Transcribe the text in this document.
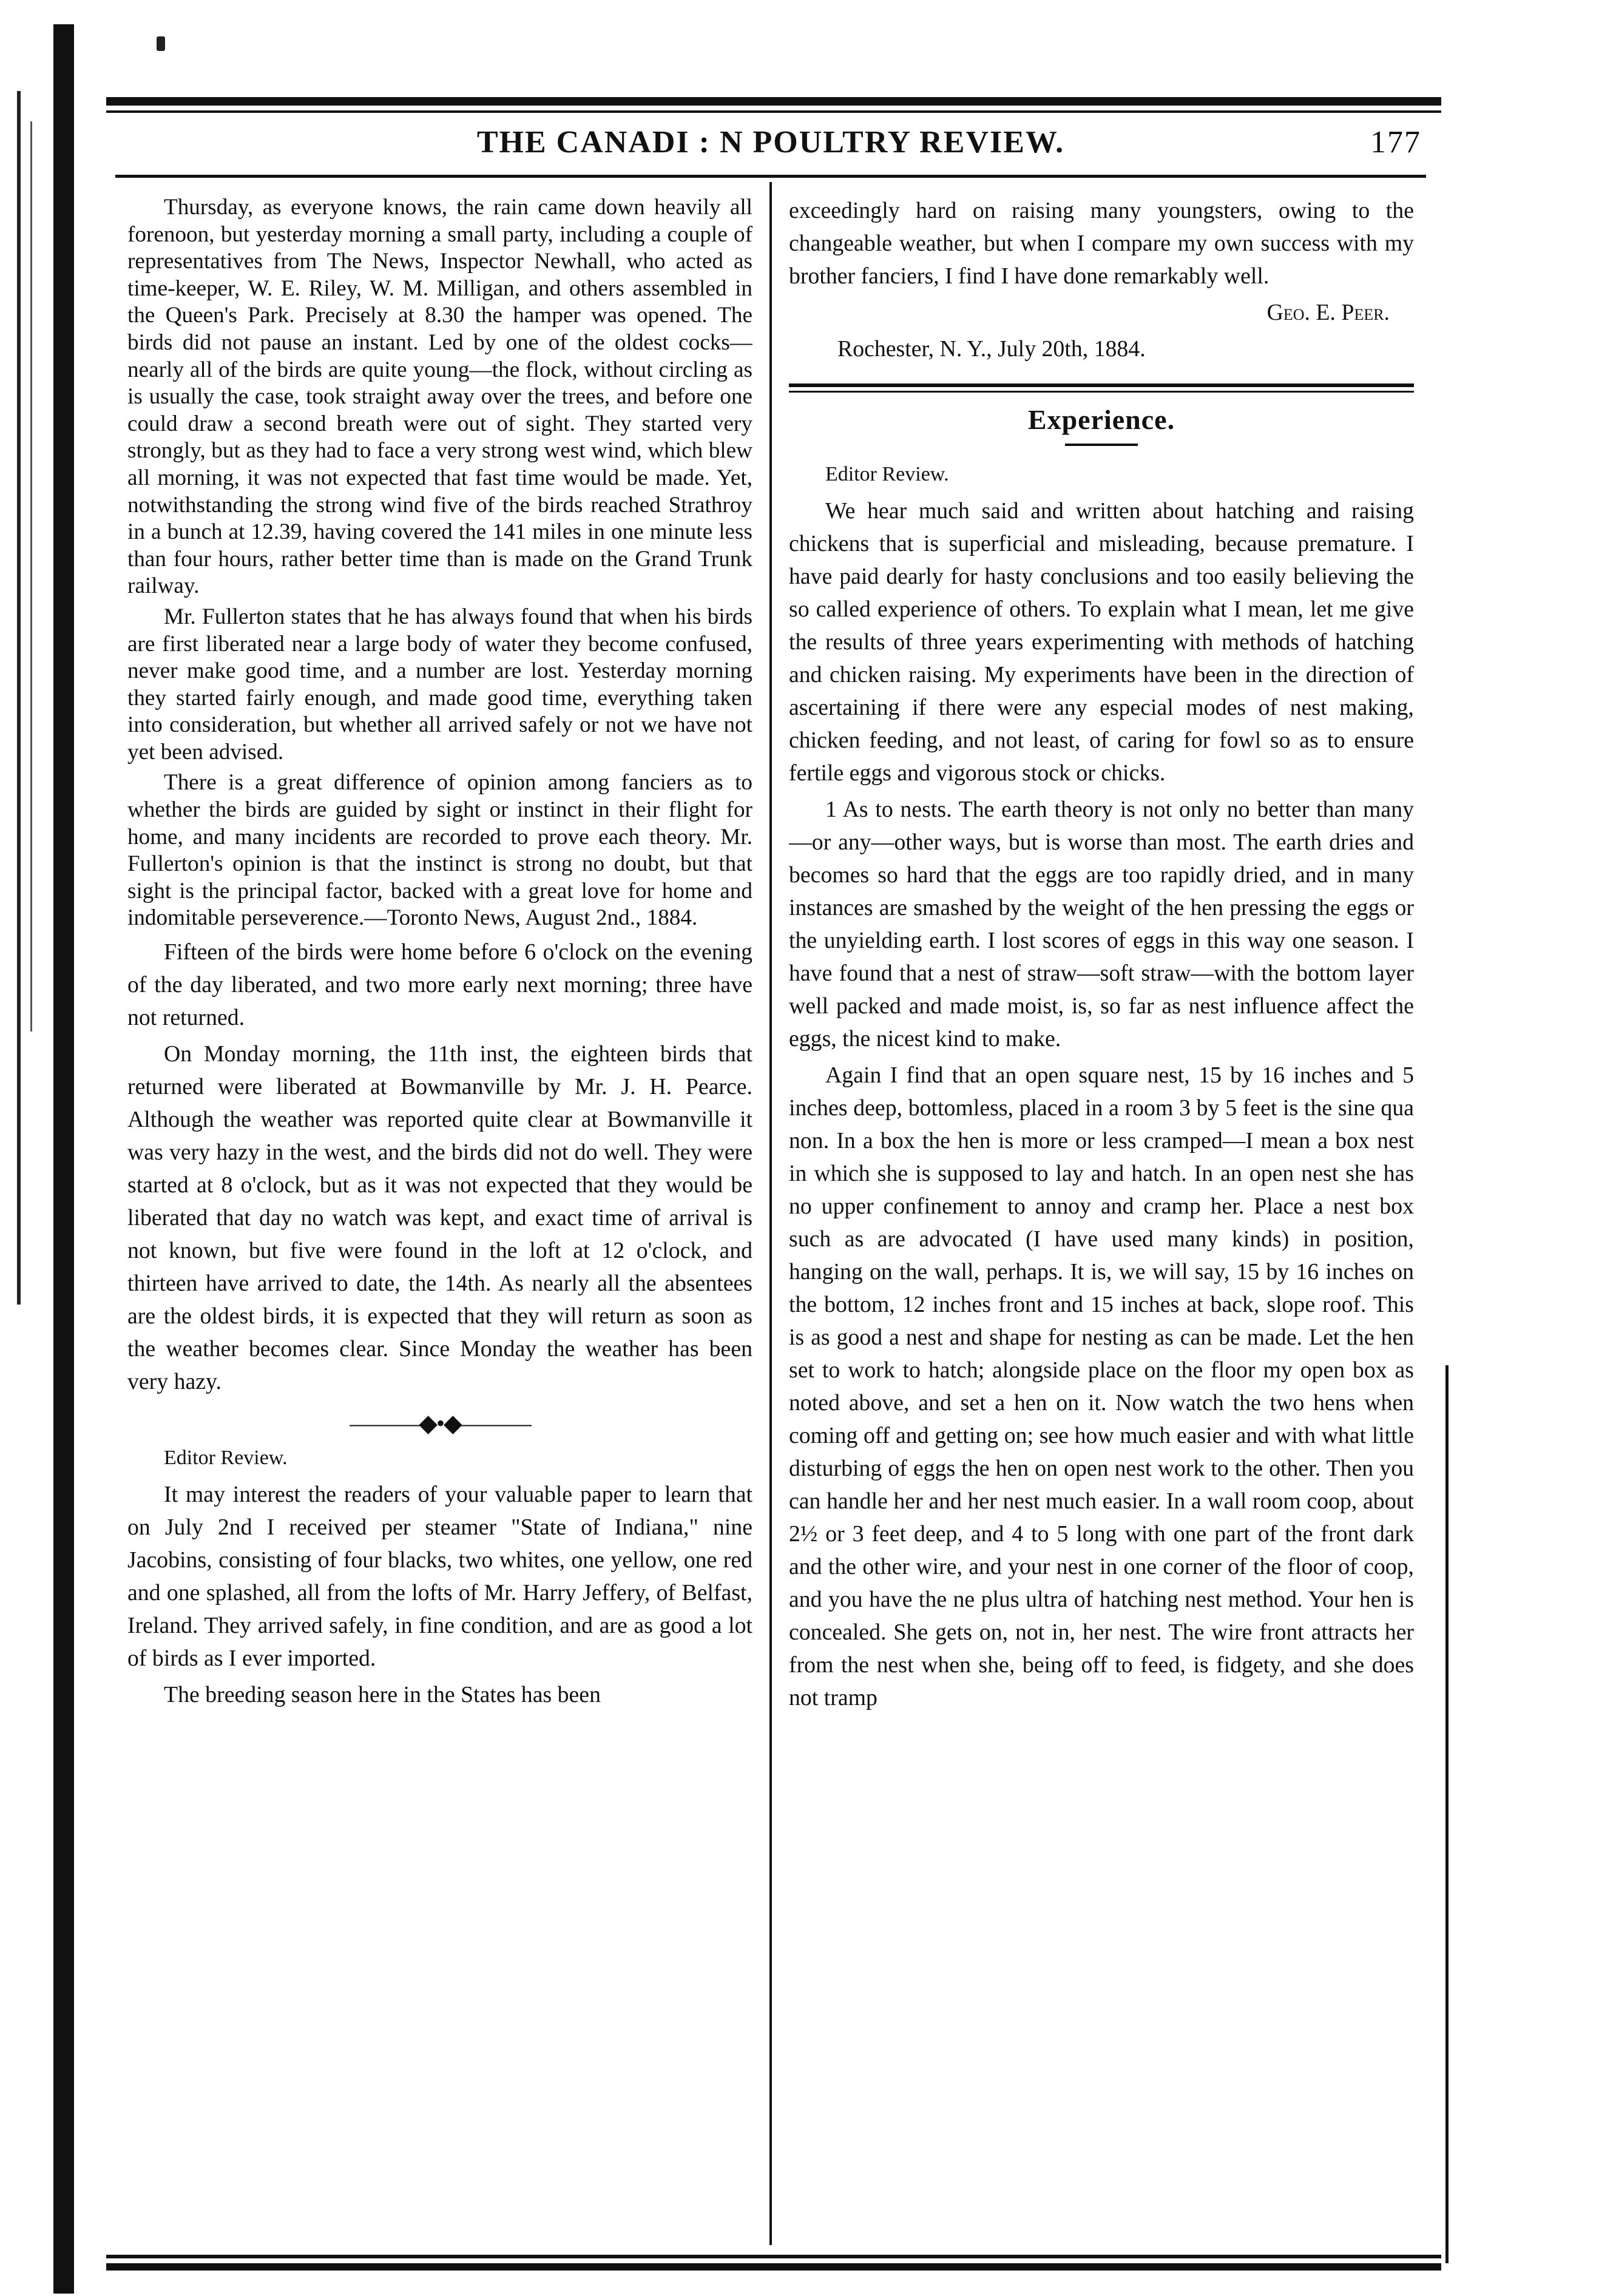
THE CANADI : N POULTRY REVIEW.	177

Thursday, as everyone knows, the rain came down heavily all forenoon, but yesterday morning a small party, including a couple of representatives from The News, Inspector Newhall, who acted as time-keeper, W. E. Riley, W. M. Milligan, and others assembled in the Queen's Park. Precisely at 8.30 the hamper was opened. The birds did not pause an instant. Led by one of the oldest cocks—nearly all of the birds are quite young—the flock, without circling as is usually the case, took straight away over the trees, and before one could draw a second breath were out of sight. They started very strongly, but as they had to face a very strong west wind, which blew all morning, it was not expected that fast time would be made. Yet, notwithstanding the strong wind five of the birds reached Strathroy in a bunch at 12.39, having covered the 141 miles in one minute less than four hours, rather better time than is made on the Grand Trunk railway.

Mr. Fullerton states that he has always found that when his birds are first liberated near a large body of water they become confused, never make good time, and a number are lost. Yesterday morning they started fairly enough, and made good time, everything taken into consideration, but whether all arrived safely or not we have not yet been advised.

There is a great difference of opinion among fanciers as to whether the birds are guided by sight or instinct in their flight for home, and many incidents are recorded to prove each theory. Mr. Fullerton's opinion is that the instinct is strong no doubt, but that sight is the principal factor, backed with a great love for home and indomitable perseverence.—Toronto News, August 2nd., 1884.

Fifteen of the birds were home before 6 o'clock on the evening of the day liberated, and two more early next morning; three have not returned.

On Monday morning, the 11th inst, the eighteen birds that returned were liberated at Bowmanville by Mr. J. H. Pearce. Although the weather was reported quite clear at Bowmanville it was very hazy in the west, and the birds did not do well. They were started at 8 o'clock, but as it was not expected that they would be liberated that day no watch was kept, and exact time of arrival is not known, but five were found in the loft at 12 o'clock, and thirteen have arrived to date, the 14th. As nearly all the absentees are the oldest birds, it is expected that they will return as soon as the weather becomes clear. Since Monday the weather has been very hazy.

———◆•◆———

Editor Review.

It may interest the readers of your valuable paper to learn that on July 2nd I received per steamer "State of Indiana," nine Jacobins, consisting of four blacks, two whites, one yellow, one red and one splashed, all from the lofts of Mr. Harry Jeffery, of Belfast, Ireland. They arrived safely, in fine condition, and are as good a lot of birds as I ever imported.

The breeding season here in the States has been

exceedingly hard on raising many youngsters, owing to the changeable weather, but when I compare my own success with my brother fanciers, I find I have done remarkably well.

Geo. E. Peer.

Rochester, N. Y., July 20th, 1884.

Experience.

Editor Review.

We hear much said and written about hatching and raising chickens that is superficial and misleading, because premature. I have paid dearly for hasty conclusions and too easily believing the so called experience of others. To explain what I mean, let me give the results of three years experimenting with methods of hatching and chicken raising. My experiments have been in the direction of ascertaining if there were any especial modes of nest making, chicken feeding, and not least, of caring for fowl so as to ensure fertile eggs and vigorous stock or chicks.

1 As to nests. The earth theory is not only no better than many—or any—other ways, but is worse than most. The earth dries and becomes so hard that the eggs are too rapidly dried, and in many instances are smashed by the weight of the hen pressing the eggs or the unyielding earth. I lost scores of eggs in this way one season. I have found that a nest of straw—soft straw—with the bottom layer well packed and made moist, is, so far as nest influence affect the eggs, the nicest kind to make.

Again I find that an open square nest, 15 by 16 inches and 5 inches deep, bottomless, placed in a room 3 by 5 feet is the sine qua non. In a box the hen is more or less cramped—I mean a box nest in which she is supposed to lay and hatch. In an open nest she has no upper confinement to annoy and cramp her. Place a nest box such as are advocated (I have used many kinds) in position, hanging on the wall, perhaps. It is, we will say, 15 by 16 inches on the bottom, 12 inches front and 15 inches at back, slope roof. This is as good a nest and shape for nesting as can be made. Let the hen set to work to hatch; alongside place on the floor my open box as noted above, and set a hen on it. Now watch the two hens when coming off and getting on; see how much easier and with what little disturbing of eggs the hen on open nest work to the other. Then you can handle her and her nest much easier. In a wall room coop, about 2½ or 3 feet deep, and 4 to 5 long with one part of the front dark and the other wire, and your nest in one corner of the floor of coop, and you have the ne plus ultra of hatching nest method. Your hen is concealed. She gets on, not in, her nest. The wire front attracts her from the nest when she, being off to feed, is fidgety, and she does not tramp
